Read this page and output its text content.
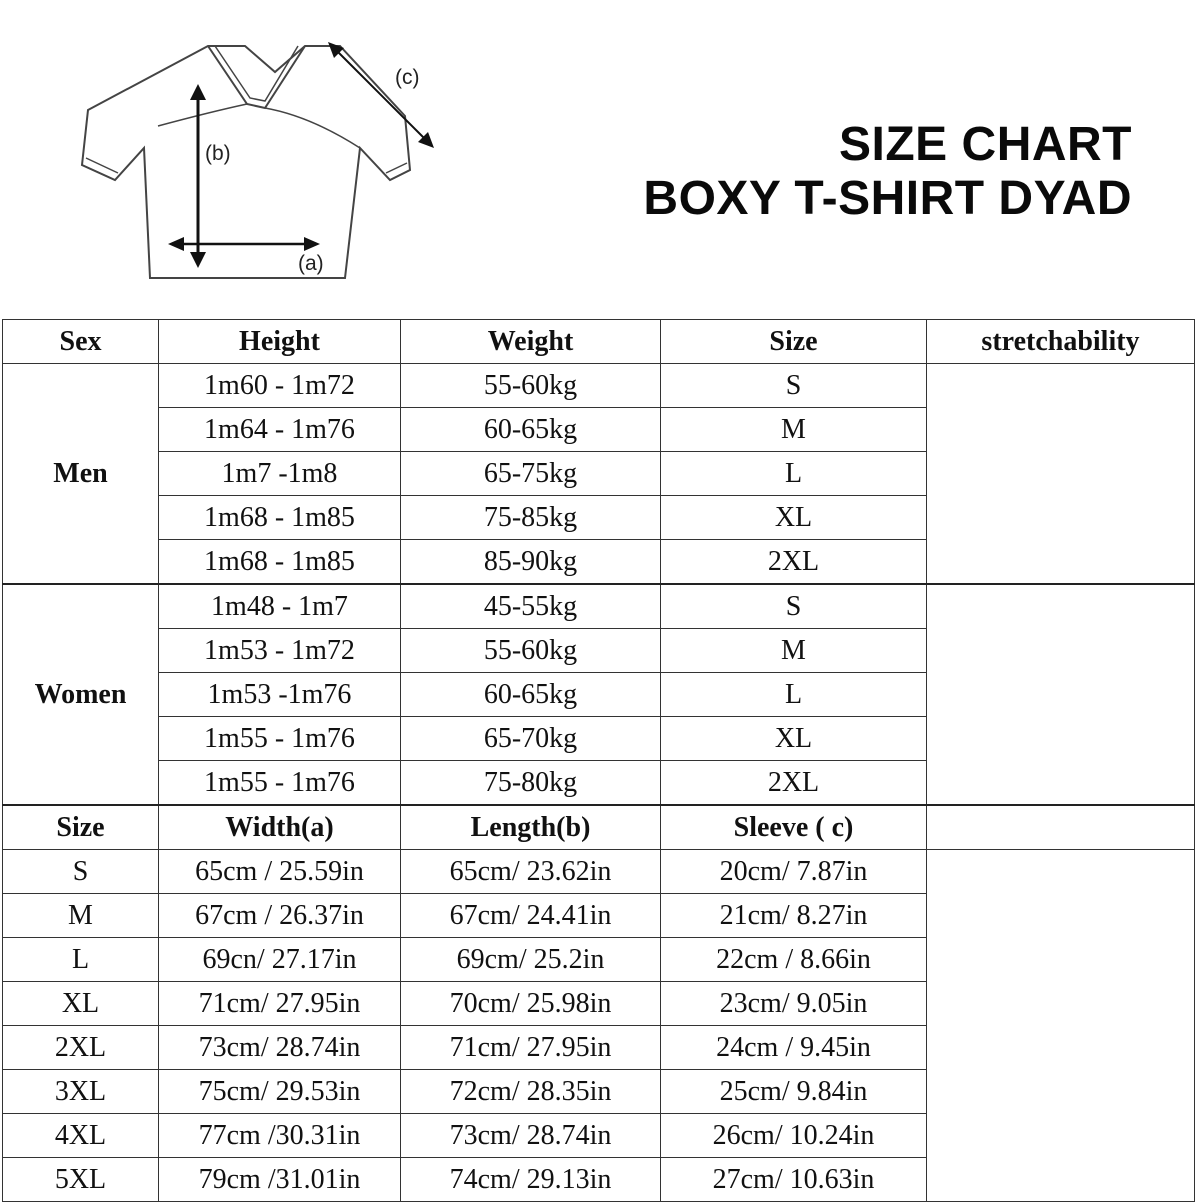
(b)
(a)
(c)
SIZE CHART
BOXY T-SHIRT DYAD
Sex	Height	Weight	Size	stretchability
Men	1m60 - 1m72	55-60kg	S	
	1m64 - 1m76	60-65kg	M	
	1m7 -1m8	65-75kg	L	
	1m68 - 1m85	75-85kg	XL	
	1m68 - 1m85	85-90kg	2XL	
Women	1m48 - 1m7	45-55kg	S	
	1m53 - 1m72	55-60kg	M	
	1m53 -1m76	60-65kg	L	
	1m55 - 1m76	65-70kg	XL	
	1m55 - 1m76	75-80kg	2XL	
Size	Width(a)	Length(b)	Sleeve ( c)	
S	65cm / 25.59in	65cm/ 23.62in	20cm/ 7.87in	
M	67cm / 26.37in	67cm/ 24.41in	21cm/ 8.27in	
L	69cn/ 27.17in	69cm/ 25.2in	22cm / 8.66in	
XL	71cm/ 27.95in	70cm/ 25.98in	23cm/ 9.05in	
2XL	73cm/ 28.74in	71cm/ 27.95in	24cm / 9.45in	
3XL	75cm/ 29.53in	72cm/ 28.35in	25cm/ 9.84in	
4XL	77cm /30.31in	73cm/ 28.74in	26cm/ 10.24in	
5XL	79cm /31.01in	74cm/ 29.13in	27cm/ 10.63in	
